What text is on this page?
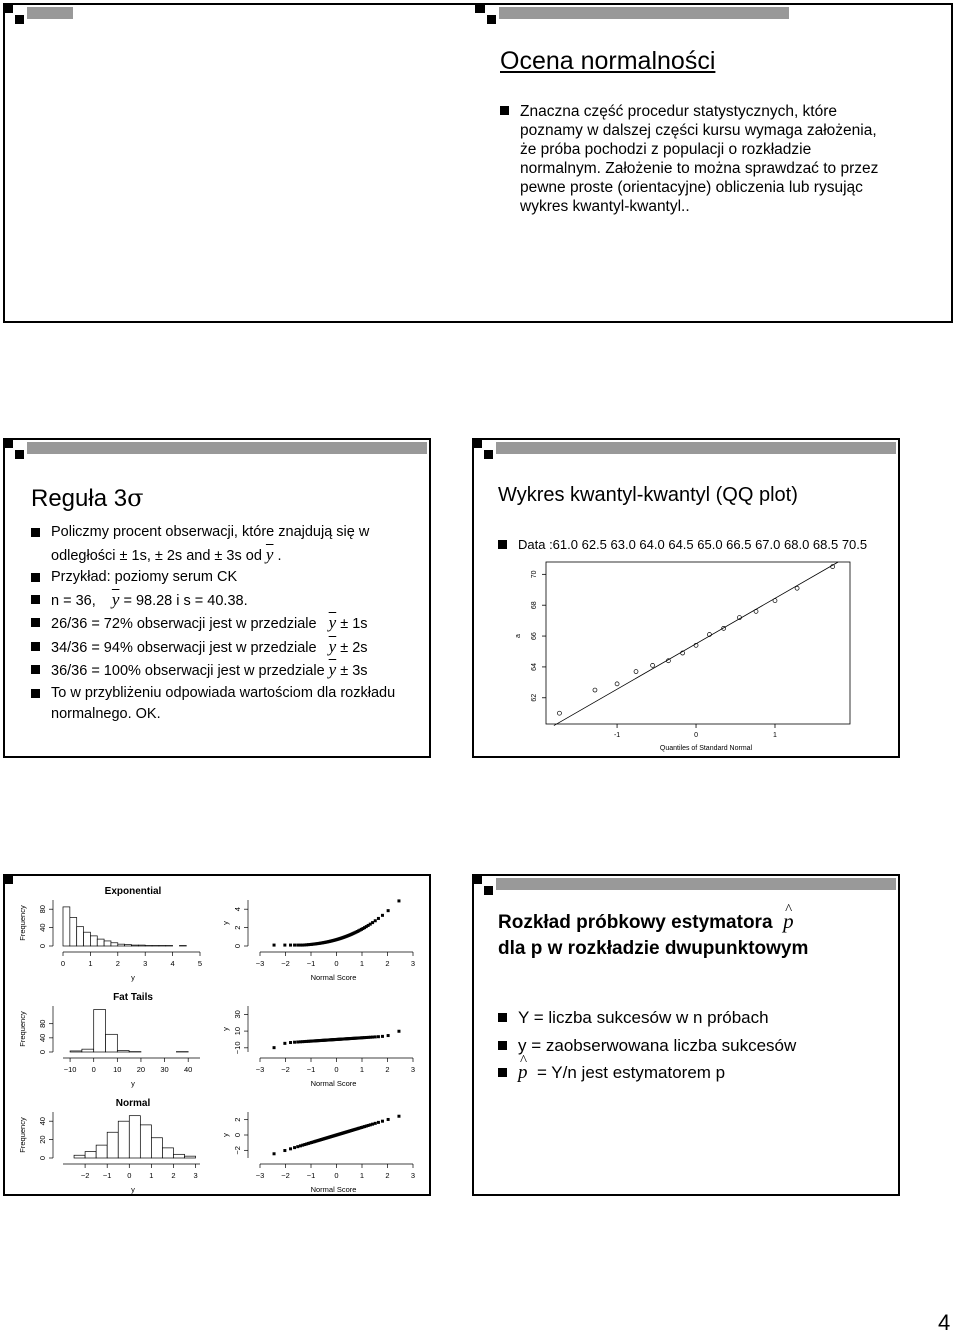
Ocena normalności
Znaczna część procedur statystycznych, które poznamy w dalszej części kursu wymaga założenia, że próba pochodzi z populacji o rozkładzie normalnym. Założenie to można sprawdzać to przez pewne proste (orientacyjne) obliczenia lub rysując wykres kwantyl-kwantyl..
Reguła 3σ
Policzmy procent obserwacji, które znajdują się w odległości ± 1s, ± 2s and ± 3s od $\overline{y}$ .
Przykład: poziomy serum CK
n = 36, $\overline{y} = 98.28$ i s = 40.38.
26/36 = 72% obserwacji jest w przedziale $\overline{y} \pm 1s$
34/36 = 94% obserwacji jest w przedziale $\overline{y} \pm 2s$
36/36 = 100% obserwacji jest w przedziale $\overline{y} \pm 3s$
To w przybliżeniu odpowiada wartościom dla rozkładu normalnego. OK.
Wykres kwantyl-kwantyl (QQ plot)
Data :61.0 62.5 63.0 64.0 64.5 65.0 66.5 67.0 68.0 68.5 70.5
-1	0	1
62
64
66
68
70
Quantiles of Standard Normal
a
Exponential
0	1	2	3	4	5
0
40
80
Frequency
y
−3 −2 −1	0	1	2	3
0
2
4
y
Normal Score
Fat Tails
−10 0 10 20 30 40
0
40
80
Frequency
y
−3 −2 −1	0	1	2	3
−10
10
30
y
Normal Score
Normal
−2 −1 0 1 2 3
0
20
40
Frequency
y
−3 −2 −1	0	1	2	3
−2
0
2
y
Normal Score
Rozkład próbkowy estymatora p ^
dla p w rozkładzie dwupunktowym
Y = liczba sukcesów w n próbach
y = zaobserwowana liczba sukcesów
p ^ = Y/n jest estymatorem p
4
